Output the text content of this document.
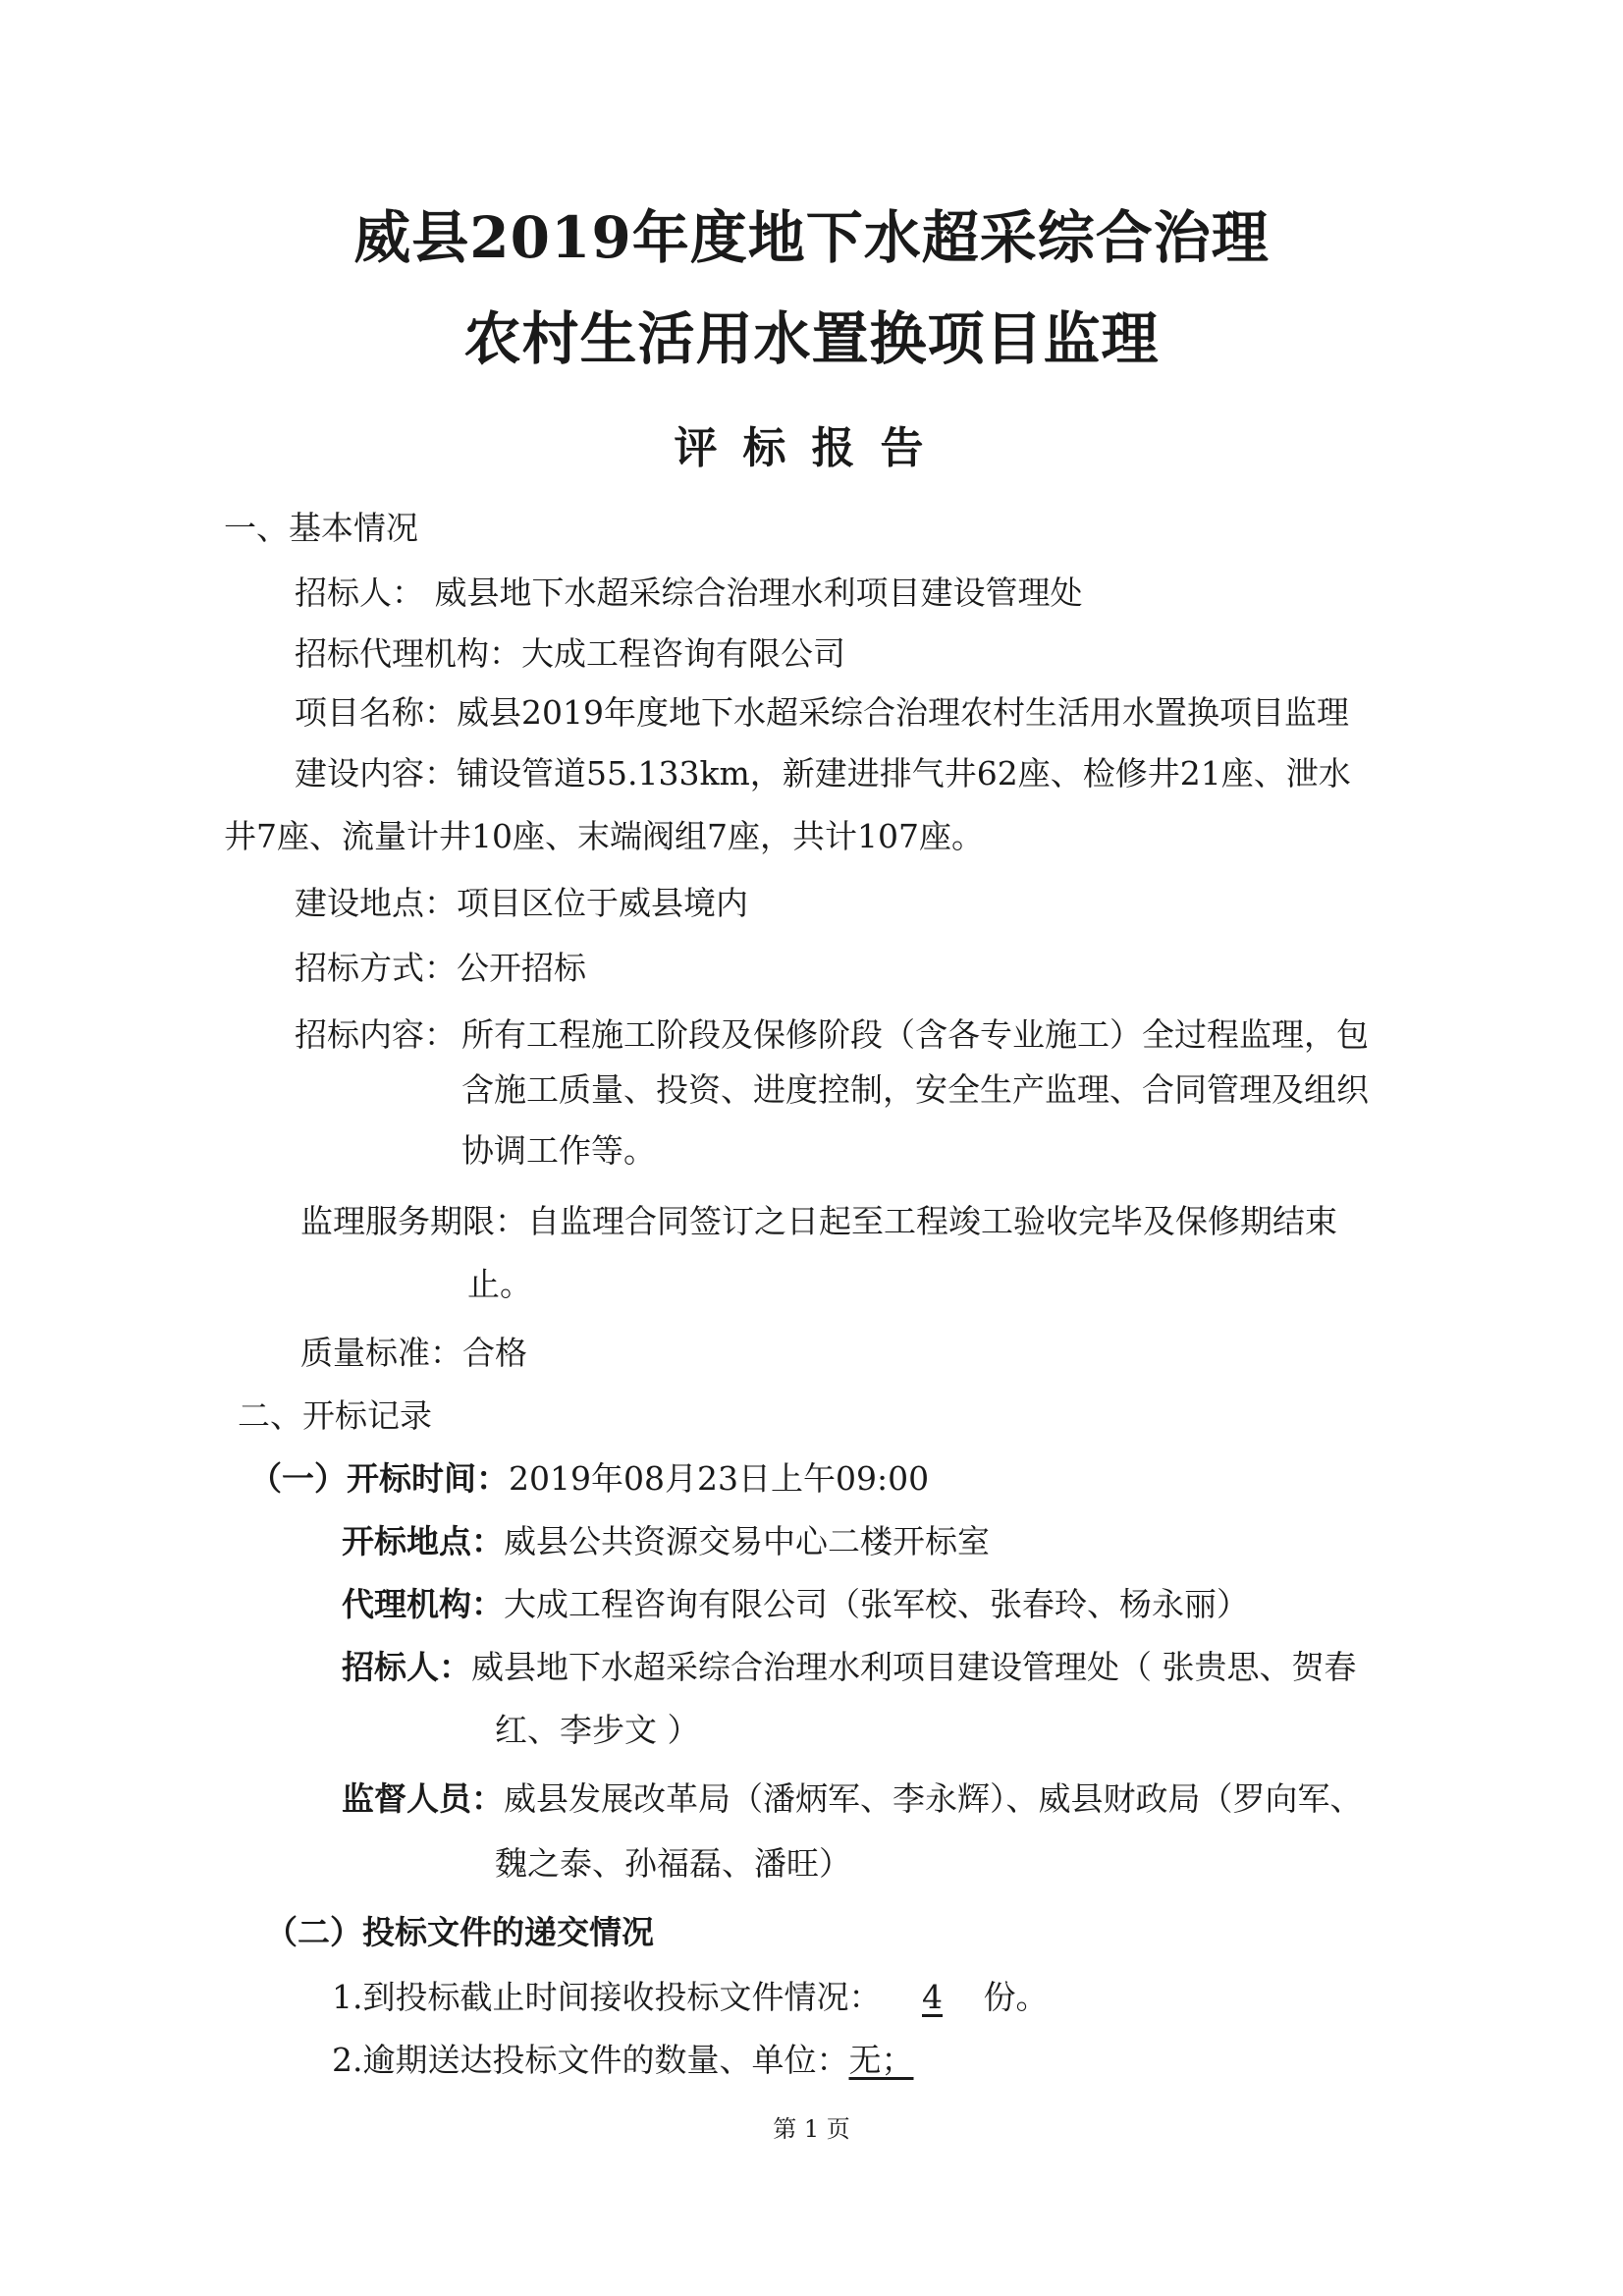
威县2019年度地下水超采综合治理
农村生活用水置换项目监理
评标报告
一、基本情况
招标人： 威县地下水超采综合治理水利项目建设管理处
招标代理机构：大成工程咨询有限公司
项目名称：威县2019年度地下水超采综合治理农村生活用水置换项目监理
建设内容：铺设管道55.133km，新建进排气井62座、检修井21座、泄水
井7座、流量计井10座、末端阀组7座，共计107座。
建设地点：项目区位于威县境内
招标方式：公开招标
招标内容： 所有工程施工阶段及保修阶段（含各专业施工）全过程监理，包
含施工质量、投资、进度控制，安全生产监理、合同管理及组织
协调工作等。
监理服务期限：自监理合同签订之日起至工程竣工验收完毕及保修期结束
止。
质量标准：合格
二、开标记录
（一）开标时间：2019年08月23日上午09:00
开标地点：威县公共资源交易中心二楼开标室
代理机构：大成工程咨询有限公司（张军校、张春玲、杨永丽）
招标人：威县地下水超采综合治理水利项目建设管理处（ 张贵思、贺春
红、李步文 ）
监督人员：威县发展改革局（潘炳军、李永辉）、威县财政局（罗向军、
魏之泰、孙福磊、潘旺）
（二）投标文件的递交情况
1.到投标截止时间接收投标文件情况： 4 份。
2.逾期送达投标文件的数量、单位：无；
第 1 页
